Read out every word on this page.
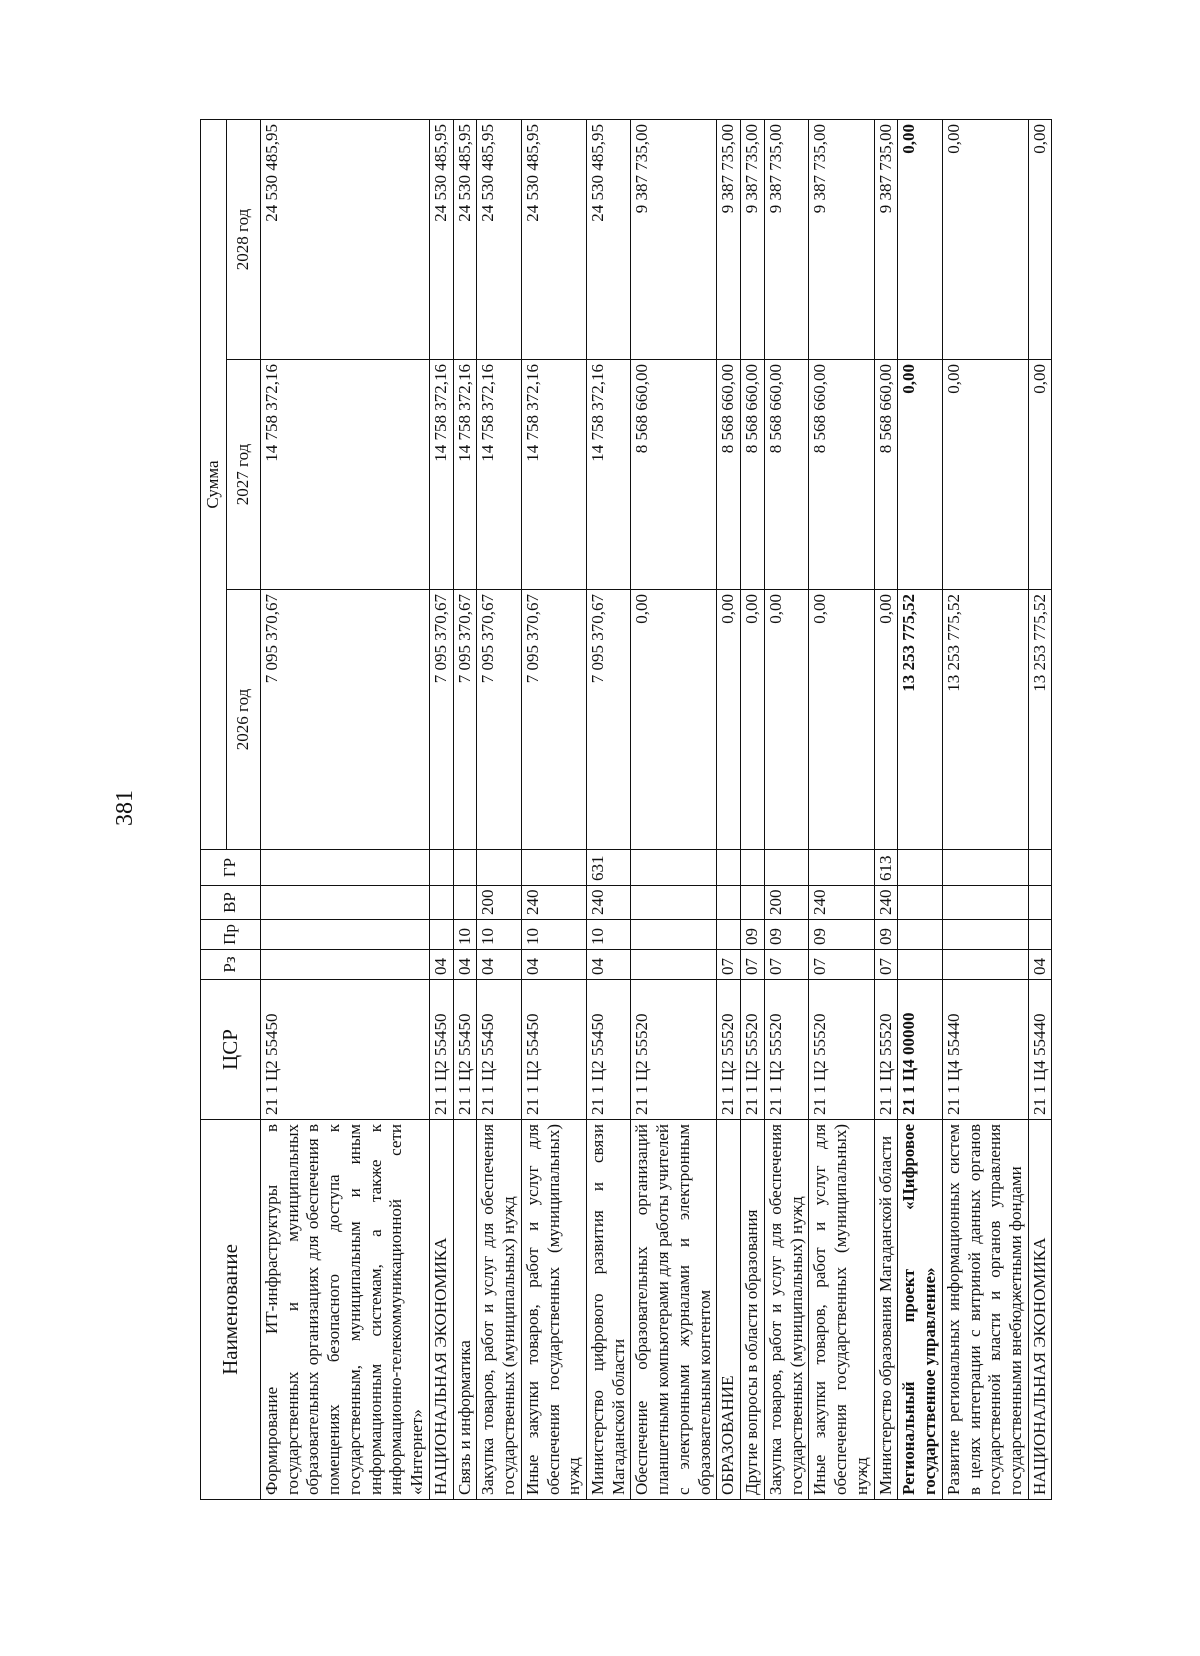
381
Наименование	ЦСР	Рз	Пр	ВР	ГР	Сумма		
						2026 год	2027 год	2028 год
Формирование ИТ-инфраструктуры в государственных и муниципальных образовательных организациях для обеспечения в помещениях безопасного доступа к государственным, муниципальным и иным информационным системам, а также к информационно-телекоммуникационной сети «Интернет»	21 1 Ц2 55450					7 095 370,67	14 758 372,16	24 530 485,95
НАЦИОНАЛЬНАЯ ЭКОНОМИКА	21 1 Ц2 55450	04				7 095 370,67	14 758 372,16	24 530 485,95
Связь и информатика	21 1 Ц2 55450	04	10			7 095 370,67	14 758 372,16	24 530 485,95
Закупка товаров, работ и услуг для обеспечения государственных (муниципальных) нужд	21 1 Ц2 55450	04	10	200		7 095 370,67	14 758 372,16	24 530 485,95
Иные закупки товаров, работ и услуг для обеспечения государственных (муниципальных) нужд	21 1 Ц2 55450	04	10	240		7 095 370,67	14 758 372,16	24 530 485,95
Министерство цифрового развития и связи Магаданской области	21 1 Ц2 55450	04	10	240	631	7 095 370,67	14 758 372,16	24 530 485,95
Обеспечение образовательных организаций планшетными компьютерами для работы учителей с электронными журналами и электронным образовательным контентом	21 1 Ц2 55520					0,00	8 568 660,00	9 387 735,00
ОБРАЗОВАНИЕ	21 1 Ц2 55520	07				0,00	8 568 660,00	9 387 735,00
Другие вопросы в области образования	21 1 Ц2 55520	07	09			0,00	8 568 660,00	9 387 735,00
Закупка товаров, работ и услуг для обеспечения государственных (муниципальных) нужд	21 1 Ц2 55520	07	09	200		0,00	8 568 660,00	9 387 735,00
Иные закупки товаров, работ и услуг для обеспечения государственных (муниципальных) нужд	21 1 Ц2 55520	07	09	240		0,00	8 568 660,00	9 387 735,00
Министерство образования Магаданской области	21 1 Ц2 55520	07	09	240	613	0,00	8 568 660,00	9 387 735,00
Региональный проект «Цифровое государственное управление»	21 1 Ц4 00000					13 253 775,52	0,00	0,00
Развитие региональных информационных систем в целях интеграции с витриной данных органов государственной власти и органов управления государственными внебюджетными фондами	21 1 Ц4 55440					13 253 775,52	0,00	0,00
НАЦИОНАЛЬНАЯ ЭКОНОМИКА	21 1 Ц4 55440	04				13 253 775,52	0,00	0,00
